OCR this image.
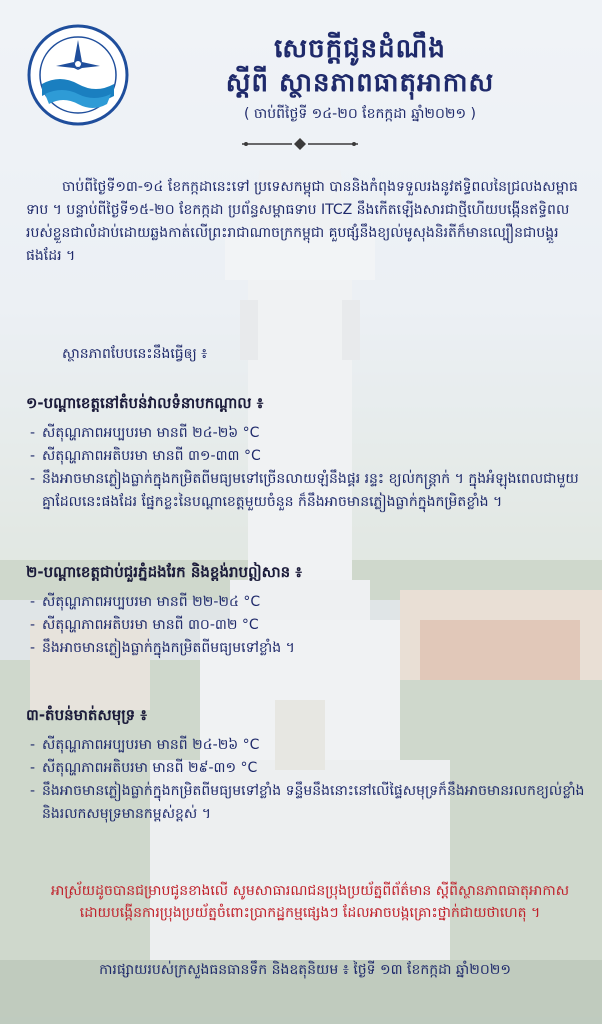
សេចក្តីជូនដំណឹង
ស្តីពី ស្ថានភាពធាតុអាកាស
( ចាប់ពីថ្ងៃទី ១៤-២០ ខែកក្កដា ឆ្នាំ២០២១ )
ចាប់ពីថ្ងៃទី១៣-១៤ ខែកក្កដានេះទៅ ប្រទេសកម្ពុជា បាននិងកំពុងទទួលរងនូវឥទ្ធិពលនៃជ្រលងសម្ពាធទាប ។ បន្ទាប់ពីថ្ងៃទី១៥-២០ ខែកក្កដា ប្រព័ន្ធសម្ពាធទាប ITCZ នឹងកើតឡើងសារជាថ្មីហើយបង្កើនឥទ្ធិពលរបស់ខ្លួនជាលំដាប់ដោយឆ្លងកាត់លើព្រះរាជាណាចក្រកម្ពុជា គួបផ្សំនឹងខ្យល់មូសុងនិរតីក៏មានល្បឿនជាបង្គួរផងដែរ ។
ស្ថានភាពបែបនេះនឹងធ្វើឲ្យ ៖
១-បណ្តាខេត្តនៅតំបន់វាលទំនាបកណ្តាល ៖
- សីតុណ្ហភាពអប្បបរមា មានពី ២៤-២៦ °C
- សីតុណ្ហភាពអតិបរមា មានពី ៣១-៣៣ °C
- នឹងអាចមានភ្លៀងធ្លាក់ក្នុងកម្រិតពីមធ្យមទៅច្រើនលាយឡំនឹងផ្គរ រន្ទះ ខ្យល់កន្ត្រាក់ ។ ក្នុងអំឡុងពេលជាមួយគ្នាដែលនេះផងដែរ ផ្នែកខ្លះនៃបណ្តាខេត្តមួយចំនួន ក៏នឹងអាចមានភ្លៀងធ្លាក់ក្នុងកម្រិតខ្លាំង ។
២-បណ្តាខេត្តជាប់ជួរភ្នំដងរែក និងខ្ពង់រាបឦសាន ៖
- សីតុណ្ហភាពអប្បបរមា មានពី ២២-២៤ °C
- សីតុណ្ហភាពអតិបរមា មានពី ៣០-៣២ °C
- នឹងអាចមានភ្លៀងធ្លាក់ក្នុងកម្រិតពីមធ្យមទៅខ្លាំង ។
៣-តំបន់មាត់សមុទ្រ ៖
- សីតុណ្ហភាពអប្បបរមា មានពី ២៤-២៦ °C
- សីតុណ្ហភាពអតិបរមា មានពី ២៩-៣១ °C
- នឹងអាចមានភ្លៀងធ្លាក់ក្នុងកម្រិតពីមធ្យមទៅខ្លាំង ទន្ទឹមនឹងនោះនៅលើផ្ទៃសមុទ្រក៏នឹងអាចមានរលកខ្យល់ខ្លាំង និងរលកសមុទ្រមានកម្ពស់ខ្ពស់ ។
អាស្រ័យដូចបានជម្រាបជូនខាងលើ សូមសាធារណជនប្រុងប្រយ័ត្នពីព័ត៌មាន ស្តីពីស្ថានភាពធាតុអាកាស ដោយបង្កើនការប្រុងប្រយ័ត្នចំពោះប្រាកដ្ឋកម្មផ្សេងៗ ដែលអាចបង្កគ្រោះថ្នាក់ជាយថាហេតុ ។
ការផ្សាយរបស់ក្រសួងធនធានទឹក និងឧតុនិយម ៖ ថ្ងៃទី ១៣ ខែកក្កដា ឆ្នាំ២០២១
